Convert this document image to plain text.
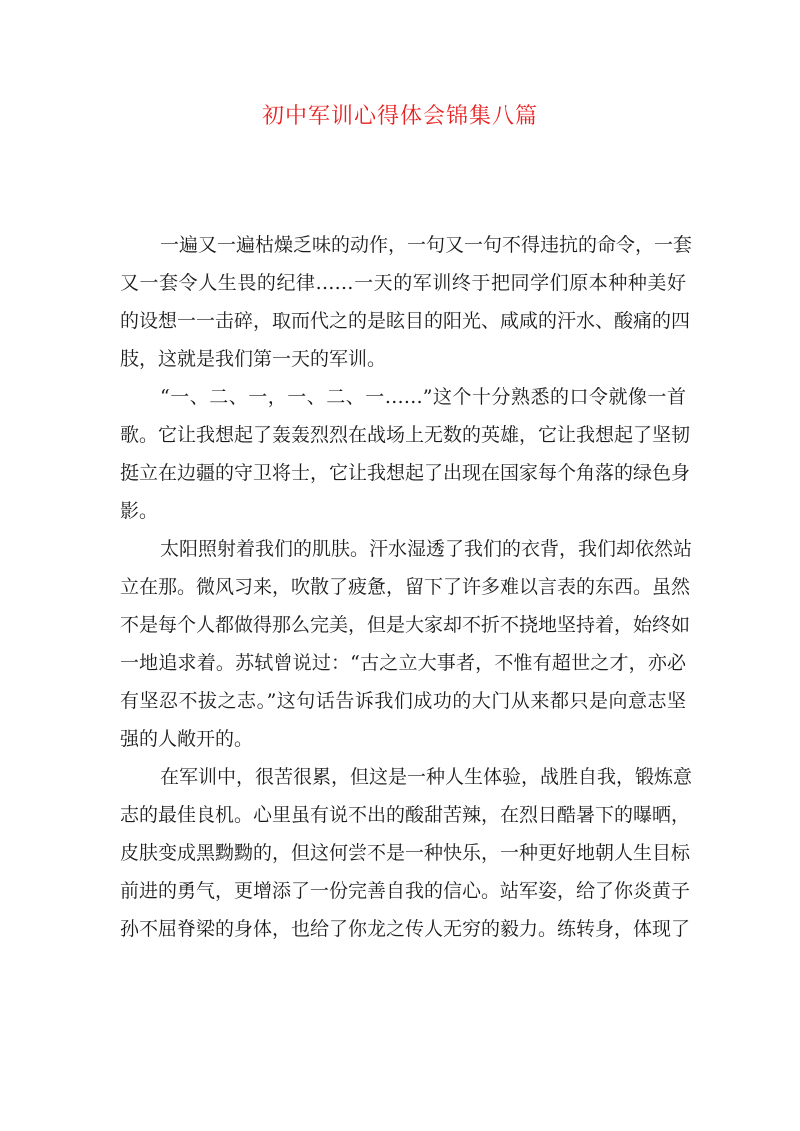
初中军训心得体会锦集八篇
一遍又一遍枯燥乏味的动作，一句又一句不得违抗的命令，一套
又一套令人生畏的纪律……一天的军训终于把同学们原本种种美好
的设想一一击碎，取而代之的是眩目的阳光、咸咸的汗水、酸痛的四
肢，这就是我们第一天的军训。
“一、二、一，一、二、一……”这个十分熟悉的口令就像一首
歌。它让我想起了轰轰烈烈在战场上无数的英雄，它让我想起了坚韧
挺立在边疆的守卫将士，它让我想起了出现在国家每个角落的绿色身
影。
太阳照射着我们的肌肤。汗水湿透了我们的衣背，我们却依然站
立在那。微风习来，吹散了疲惫，留下了许多难以言表的东西。虽然
不是每个人都做得那么完美，但是大家却不折不挠地坚持着，始终如
一地追求着。苏轼曾说过：“古之立大事者，不惟有超世之才，亦必
有坚忍不拔之志。”这句话告诉我们成功的大门从来都只是向意志坚
强的人敞开的。
在军训中，很苦很累，但这是一种人生体验，战胜自我，锻炼意
志的最佳良机。心里虽有说不出的酸甜苦辣，在烈日酷暑下的曝晒，
皮肤变成黑黝黝的，但这何尝不是一种快乐，一种更好地朝人生目标
前进的勇气，更增添了一份完善自我的信心。站军姿，给了你炎黄子
孙不屈脊梁的身体，也给了你龙之传人无穷的毅力。练转身，体现了
